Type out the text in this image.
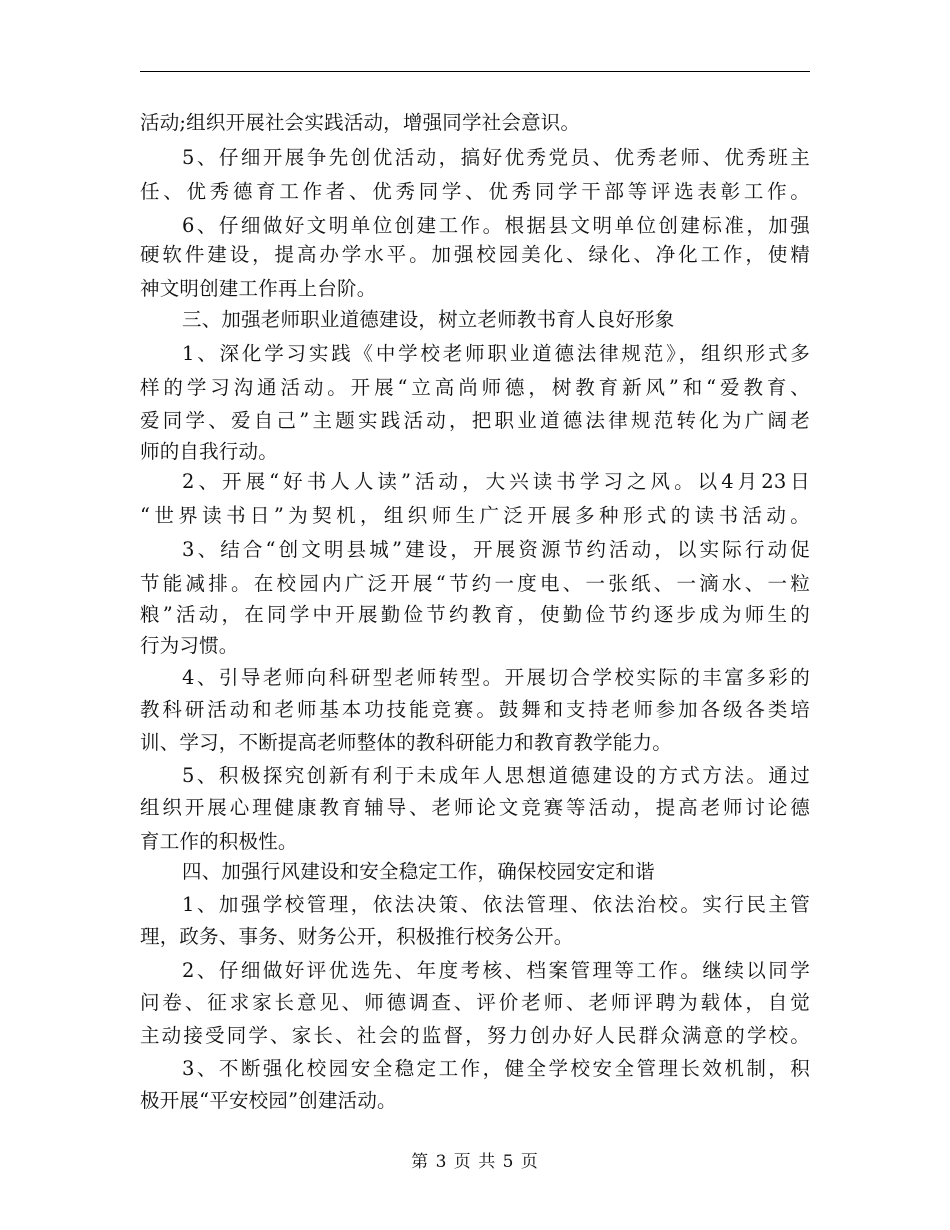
活动;组织开展社会实践活动，增强同学社会意识。
5、仔细开展争先创优活动，搞好优秀党员、优秀老师、优秀班主
任、优秀德育工作者、优秀同学、优秀同学干部等评选表彰工作。
6、仔细做好文明单位创建工作。根据县文明单位创建标准，加强
硬软件建设，提高办学水平。加强校园美化、绿化、净化工作，使精
神文明创建工作再上台阶。
三、加强老师职业道德建设，树立老师教书育人良好形象
1、深化学习实践《中学校老师职业道德法律规范》，组织形式多
样的学习沟通活动。开展“立高尚师德，树教育新风”和“爱教育、
爱同学、爱自己”主题实践活动，把职业道德法律规范转化为广阔老
师的自我行动。
2、开展“好书人人读”活动，大兴读书学习之风。以4月23日
“世界读书日”为契机，组织师生广泛开展多种形式的读书活动。
3、结合“创文明县城”建设，开展资源节约活动，以实际行动促
节能减排。在校园内广泛开展“节约一度电、一张纸、一滴水、一粒
粮”活动，在同学中开展勤俭节约教育，使勤俭节约逐步成为师生的
行为习惯。
4、引导老师向科研型老师转型。开展切合学校实际的丰富多彩的
教科研活动和老师基本功技能竞赛。鼓舞和支持老师参加各级各类培
训、学习，不断提高老师整体的教科研能力和教育教学能力。
5、积极探究创新有利于未成年人思想道德建设的方式方法。通过
组织开展心理健康教育辅导、老师论文竞赛等活动，提高老师讨论德
育工作的积极性。
四、加强行风建设和安全稳定工作，确保校园安定和谐
1、加强学校管理，依法决策、依法管理、依法治校。实行民主管
理，政务、事务、财务公开，积极推行校务公开。
2、仔细做好评优选先、年度考核、档案管理等工作。继续以同学
问卷、征求家长意见、师德调查、评价老师、老师评聘为载体，自觉
主动接受同学、家长、社会的监督，努力创办好人民群众满意的学校。
3、不断强化校园安全稳定工作，健全学校安全管理长效机制，积
极开展“平安校园”创建活动。
第 3 页 共 5 页
